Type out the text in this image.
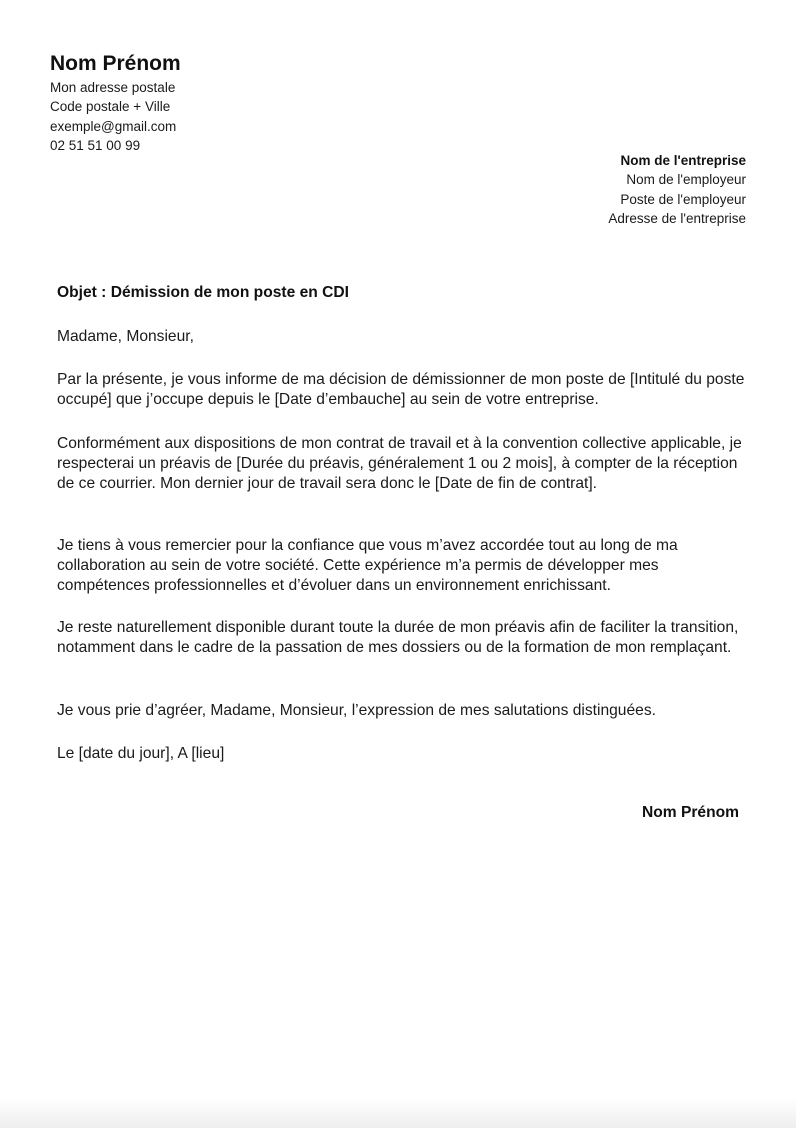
Nom Prénom
Mon adresse postale
Code postale + Ville
exemple@gmail.com
02 51 51 00 99
Nom de l'entreprise
Nom de l'employeur
Poste de l'employeur
Adresse de l'entreprise
Objet : Démission de mon poste en CDI
Madame, Monsieur,
Par la présente, je vous informe de ma décision de démissionner de mon poste de [Intitulé du poste occupé] que j’occupe depuis le [Date d’embauche] au sein de votre entreprise.
Conformément aux dispositions de mon contrat de travail et à la convention collective applicable, je respecterai un préavis de [Durée du préavis, généralement 1 ou 2 mois], à compter de la réception de ce courrier. Mon dernier jour de travail sera donc le [Date de fin de contrat].
Je tiens à vous remercier pour la confiance que vous m’avez accordée tout au long de ma collaboration au sein de votre société. Cette expérience m’a permis de développer mes compétences professionnelles et d’évoluer dans un environnement enrichissant.
Je reste naturellement disponible durant toute la durée de mon préavis afin de faciliter la transition, notamment dans le cadre de la passation de mes dossiers ou de la formation de mon remplaçant.
Je vous prie d’agréer, Madame, Monsieur, l’expression de mes salutations distinguées.
Le [date du jour], A [lieu]
Nom Prénom
